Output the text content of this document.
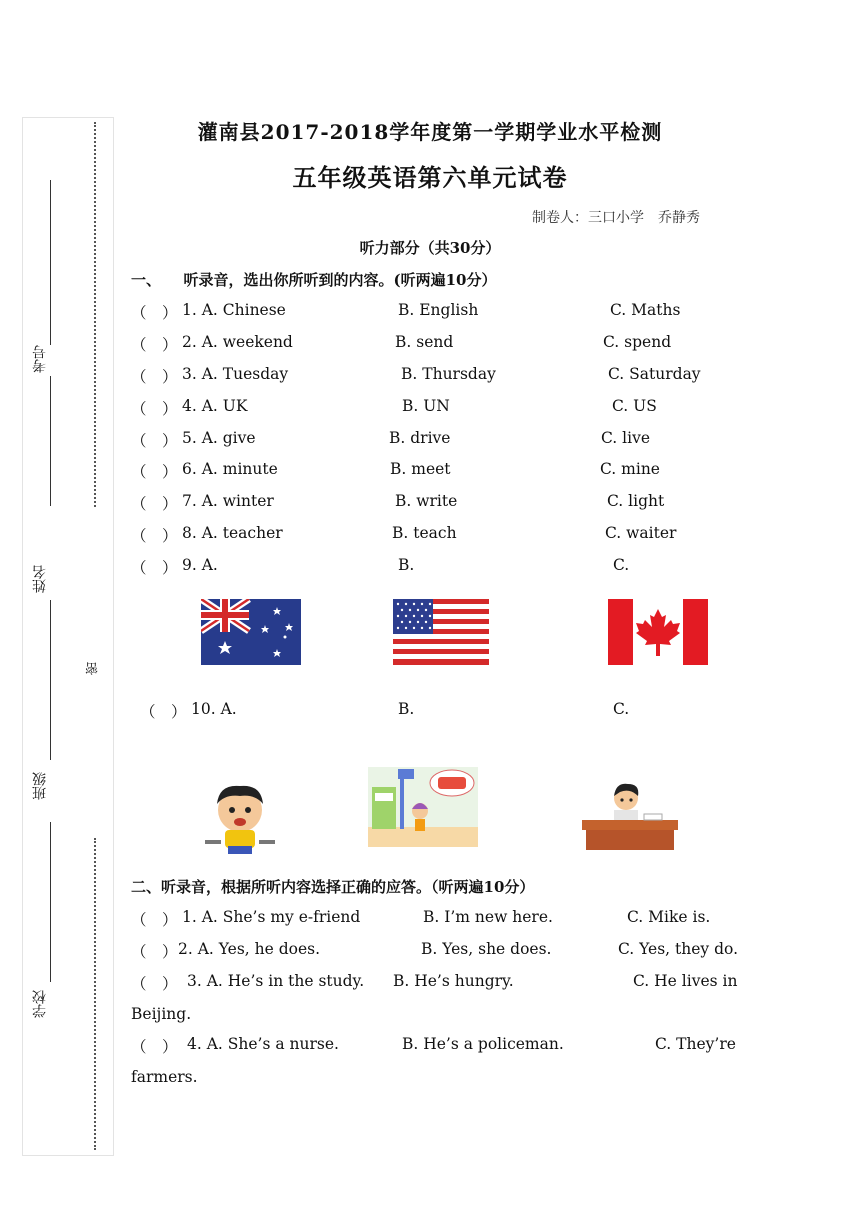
考号
姓名
班级
学校
密
灌南县2017-2018学年度第一学期学业水平检测
五年级英语第六单元试卷
制卷人：三口小学　乔静秀
听力部分（共30分）
一、　　听录音，选出你所听到的内容。(听两遍10分）
（　） 1. A. Chinese	B. English	C. Maths
（　） 2. A. weekend	B. send	C. spend
（　） 3. A. Tuesday	B. Thursday	C. Saturday
（　） 4. A. UK	B. UN	C. US
（　） 5. A. give	B. drive	C. live
（　） 6. A. minute	B. meet	C. mine
（　） 7. A. winter	B. write	C. light
（　） 8. A. teacher	B. teach	C. waiter
（　） 9. A.	B.	C.
（　） 10. A.	B.	C.
二、听录音，根据所听内容选择正确的应答。（听两遍10分）
（　） 1. A. She’s my e-friend	B. I’m new here.	C. Mike is.
（　） 2. A. Yes, he does.	B. Yes, she does.	C. Yes, they do.
（　） 3. A. He’s in the study. B. He’s hungry.	C. He lives in
Beijing.
（　） 4. A. She’s a nurse.	B. He’s a policeman.	C. They’re
farmers.
